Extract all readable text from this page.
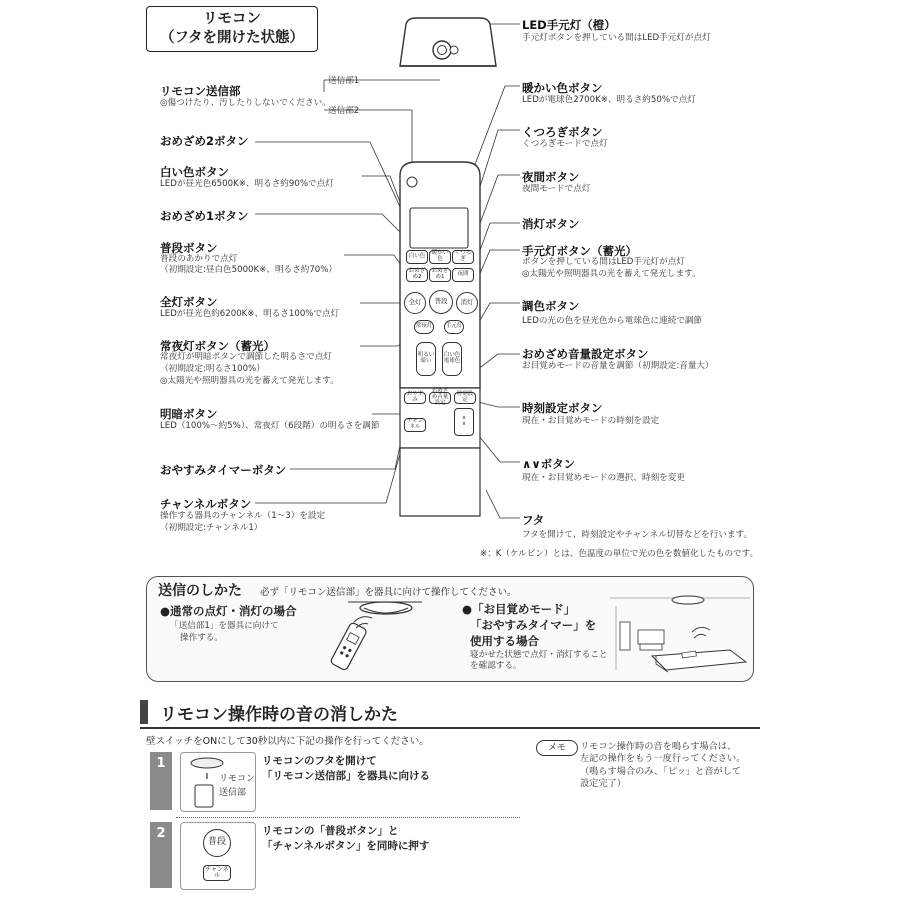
リモコン
（フタを開けた状態）
白い色	暖かい色
くつろぎ
おめざめ2
おめざめ1	夜間
全灯	普段	消灯
常夜灯	手元灯
明るい
暗い
白い色
電球色
おやすみ
おめざめ音量設定
時刻設定
チャンネル
∧
∨
送信部1
送信部2
リモコン送信部
◎傷つけたり、汚したりしないでください。
おめざめ2ボタン
白い色ボタン
LEDが昼光色6500K※、明るさ約90%で点灯
おめざめ1ボタン
普段ボタン
普段のあかりで点灯
（初期設定:昼白色5000K※、明るさ約70%）
全灯ボタン
LEDが昼光色約6200K※、明るさ100%で点灯
常夜灯ボタン（蓄光）
常夜灯が明暗ボタンで調節した明るさで点灯
（初期設定:明るさ100%）
◎太陽光や照明器具の光を蓄えて発光します。
明暗ボタン
LED（100%〜約5%）、常夜灯（6段階）の明るさを調節
おやすみタイマーボタン
チャンネルボタン
操作する器具のチャンネル（1〜3）を設定
（初期設定:チャンネル1）
LED手元灯（橙）
手元灯ボタンを押している間はLED手元灯が点灯
暖かい色ボタン
LEDが電球色2700K※、明るさ約50%で点灯
くつろぎボタン
くつろぎモードで点灯
夜間ボタン
夜間モードで点灯
消灯ボタン
手元灯ボタン（蓄光）
ボタンを押している間はLED手元灯が点灯
◎太陽光や照明器具の光を蓄えて発光します。
調色ボタン
LEDの光の色を昼光色から電球色に連続で調節
おめざめ音量設定ボタン
お目覚めモードの音量を調節（初期設定:音量大）
時刻設定ボタン
現在・お目覚めモードの時刻を設定
∧∨ボタン
現在・お目覚めモードの選択、時刻を変更
フタ
フタを開けて、時刻設定やチャンネル切替などを行います。
※：K（ケルビン）とは、色温度の単位で光の色を数値化したものです。
送信のしかた 必ず「リモコン送信部」を器具に向けて操作してください。
●通常の点灯・消灯の場合
「送信部1」を器具に向けて
操作する。
●「お目覚めモード」
「おやすみタイマー」を
使用する場合
寝かせた状態で点灯・消灯すること
を確認する。
リモコン操作時の音の消しかた
壁スイッチをONにして30秒以内に下記の操作を行ってください。
メモ	リモコン操作時の音を鳴らす場合は、
左記の操作をもう一度行ってください。
（鳴らす場合のみ、「ピッ」と音がして
設定完了）
1
リモコン
送信部
リモコンのフタを開けて
「リモコン送信部」を器具に向ける
2
普段
チャンネル
リモコンの「普段ボタン」と
「チャンネルボタン」を同時に押す
